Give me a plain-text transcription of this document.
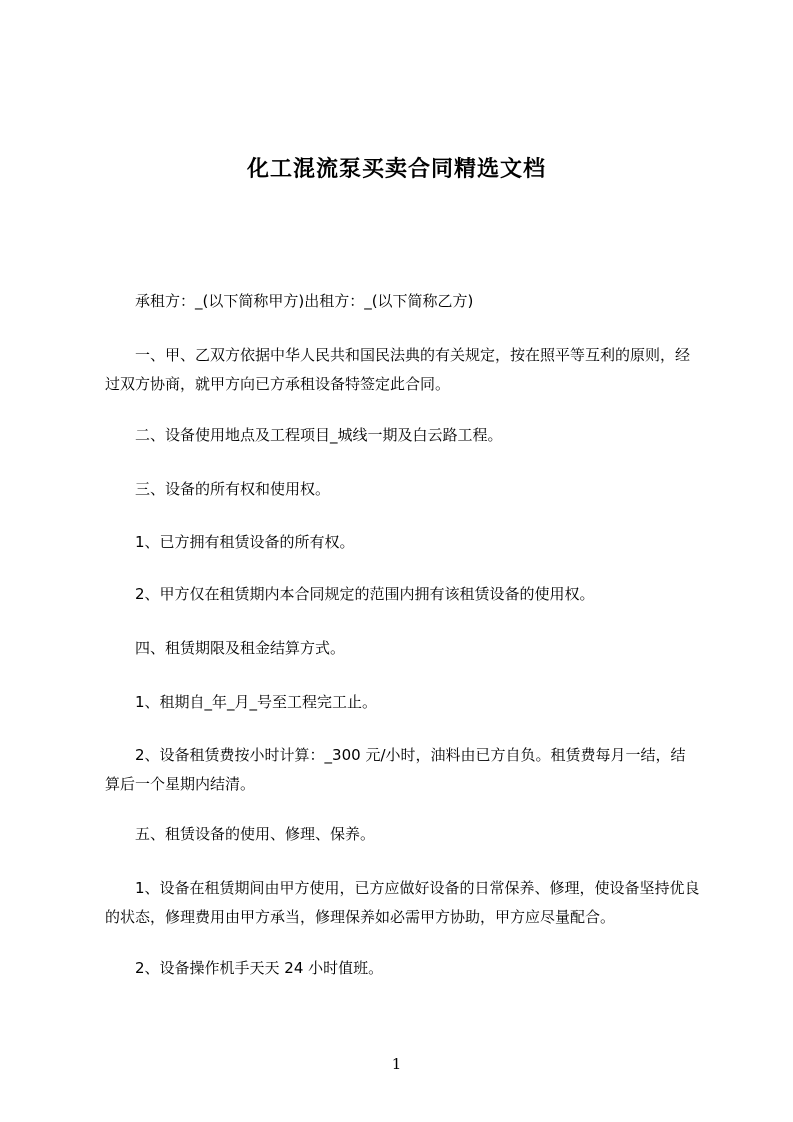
化工混流泵买卖合同精选文档

承租方：_(以下简称甲方)出租方：_(以下简称乙方)

一、甲、乙双方依据中华人民共和国民法典的有关规定，按在照平等互利的原则，经过双方协商，就甲方向已方承租设备特签定此合同。

二、设备使用地点及工程项目_城线一期及白云路工程。

三、设备的所有权和使用权。

1、已方拥有租赁设备的所有权。

2、甲方仅在租赁期内本合同规定的范围内拥有该租赁设备的使用权。

四、租赁期限及租金结算方式。

1、租期自_年_月_号至工程完工止。

2、设备租赁费按小时计算：_300 元/小时，油料由已方自负。租赁费每月一结，结算后一个星期内结清。

五、租赁设备的使用、修理、保养。

1、设备在租赁期间由甲方使用，已方应做好设备的日常保养、修理，使设备坚持优良的状态，修理费用由甲方承当，修理保养如必需甲方协助，甲方应尽量配合。

2、设备操作机手天天 24 小时值班。

1
